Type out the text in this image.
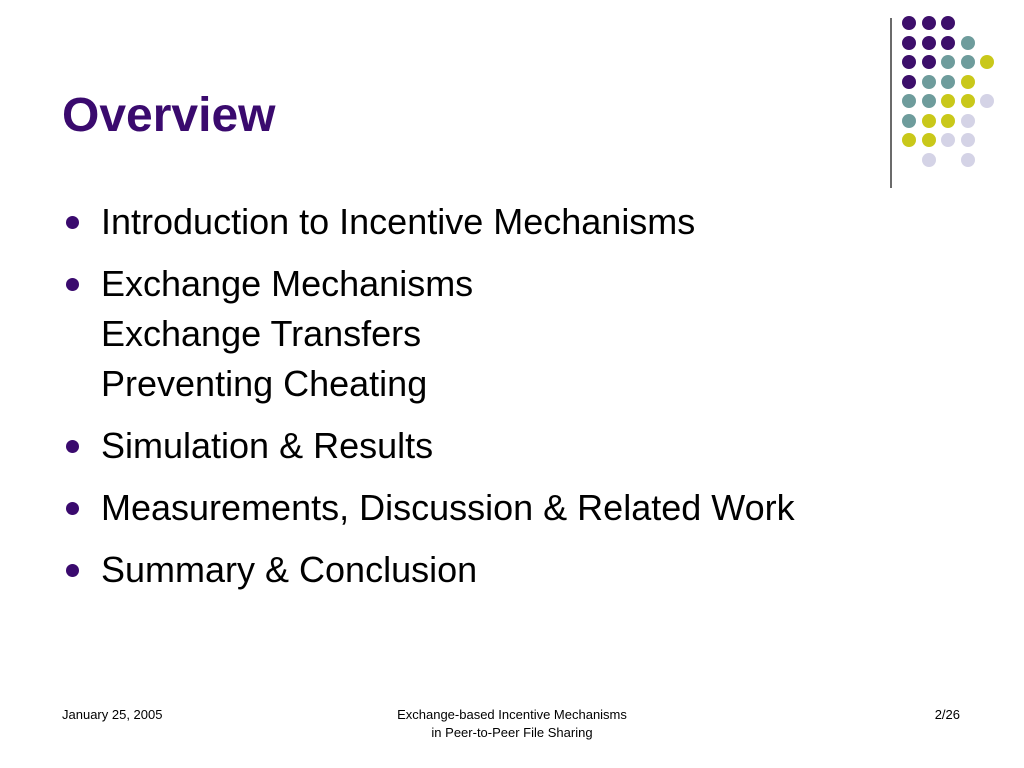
Overview
Introduction to Incentive Mechanisms
Exchange Mechanisms
Exchange Transfers
Preventing Cheating
Simulation & Results
Measurements, Discussion & Related Work
Summary & Conclusion
January 25, 2005	Exchange-based Incentive Mechanisms
in Peer-to-Peer File Sharing
2/26
